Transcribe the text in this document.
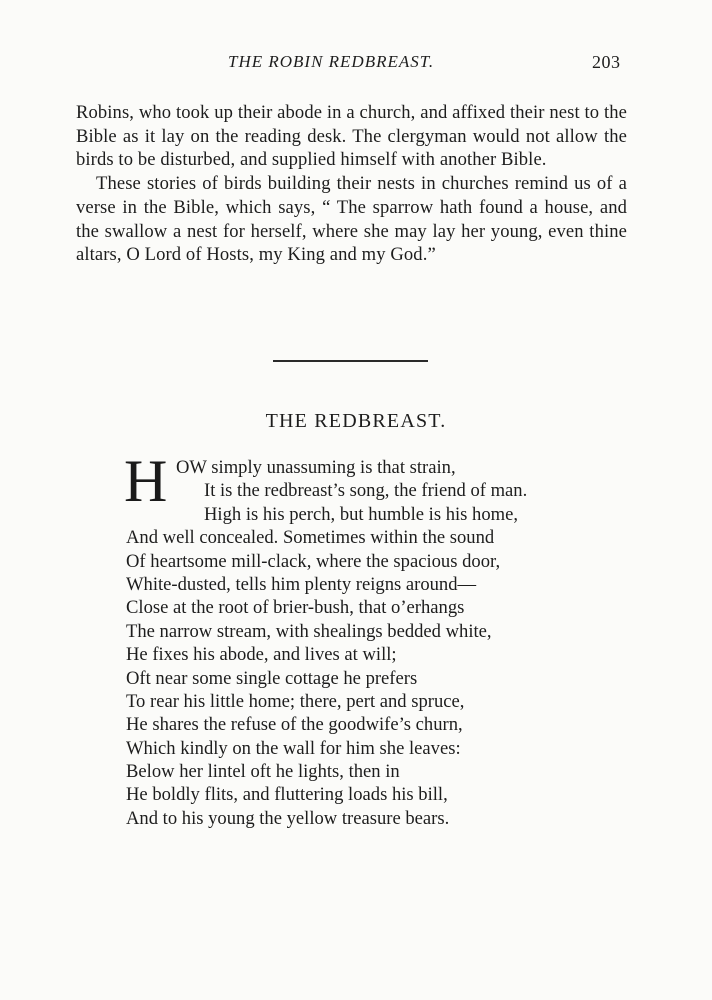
THE ROBIN REDBREAST.	203

Robins, who took up their abode in a church, and affixed their nest to the Bible as it lay on the reading desk. The clergyman would not allow the birds to be disturbed, and supplied himself with another Bible.

These stories of birds building their nests in churches remind us of a verse in the Bible, which says, “ The sparrow hath found a house, and the swallow a nest for herself, where she may lay her young, even thine altars, O Lord of Hosts, my King and my God.”

THE REDBREAST.
H OW simply unassuming is that strain,
It is the redbreast’s song, the friend of man.
High is his perch, but humble is his home,
And well concealed. Sometimes within the sound
Of heartsome mill-clack, where the spacious door,
White-dusted, tells him plenty reigns around—
Close at the root of brier-bush, that o’erhangs
The narrow stream, with shealings bedded white,
He fixes his abode, and lives at will;
Oft near some single cottage he prefers
To rear his little home; there, pert and spruce,
He shares the refuse of the goodwife’s churn,
Which kindly on the wall for him she leaves:
Below her lintel oft he lights, then in
He boldly flits, and fluttering loads his bill,
And to his young the yellow treasure bears.
